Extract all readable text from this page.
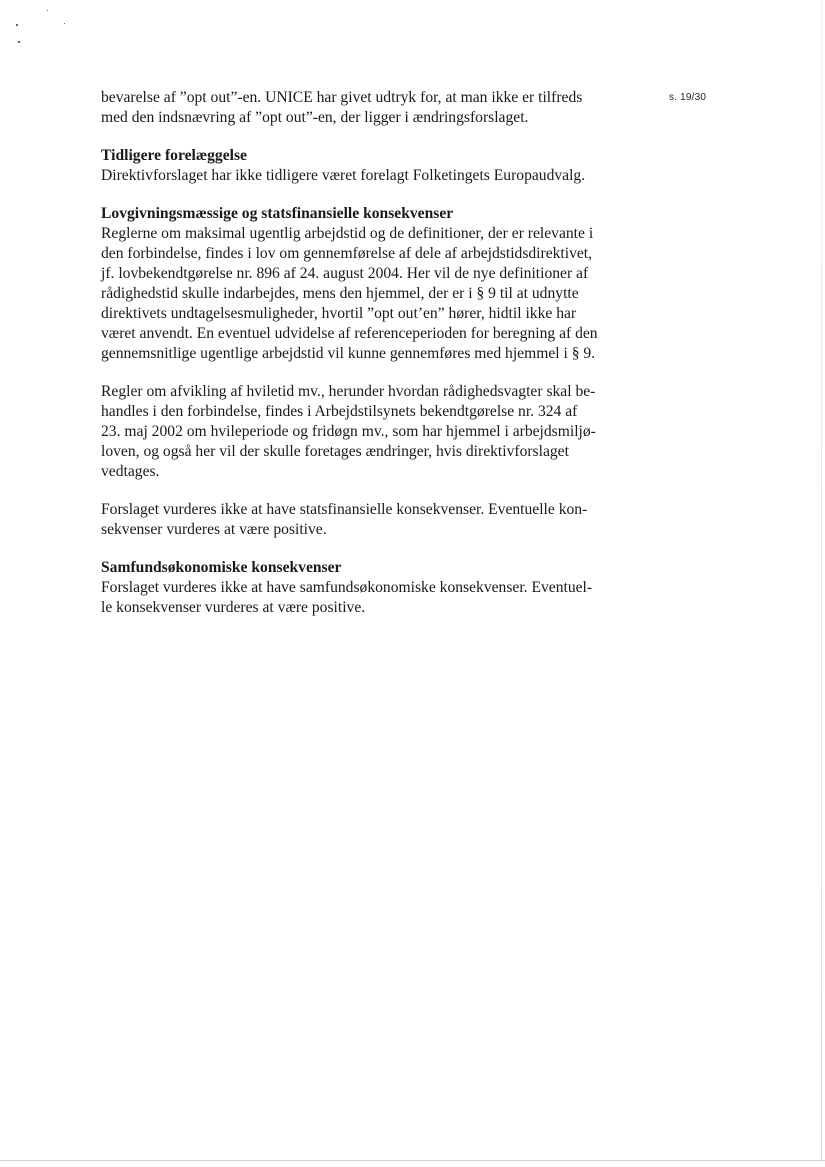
s. 19/30

bevarelse af ”opt out”-en. UNICE har givet udtryk for, at man ikke er tilfreds
med den indsnævring af ”opt out”-en, der ligger i ændringsforslaget.

Tidligere forelæggelse
Direktivforslaget har ikke tidligere været forelagt Folketingets Europaudvalg.

Lovgivningsmæssige og statsfinansielle konsekvenser
Reglerne om maksimal ugentlig arbejdstid og de definitioner, der er relevante i
den forbindelse, findes i lov om gennemførelse af dele af arbejdstidsdirektivet,
jf. lovbekendtgørelse nr. 896 af 24. august 2004. Her vil de nye definitioner af
rådighedstid skulle indarbejdes, mens den hjemmel, der er i § 9 til at udnytte
direktivets undtagelsesmuligheder, hvortil ”opt out’en” hører, hidtil ikke har
været anvendt. En eventuel udvidelse af referenceperioden for beregning af den
gennemsnitlige ugentlige arbejdstid vil kunne gennemføres med hjemmel i § 9.

Regler om afvikling af hviletid mv., herunder hvordan rådighedsvagter skal be-
handles i den forbindelse, findes i Arbejdstilsynets bekendtgørelse nr. 324 af
23. maj 2002 om hvileperiode og fridøgn mv., som har hjemmel i arbejdsmiljø-
loven, og også her vil der skulle foretages ændringer, hvis direktivforslaget
vedtages.

Forslaget vurderes ikke at have statsfinansielle konsekvenser. Eventuelle kon-
sekvenser vurderes at være positive.

Samfundsøkonomiske konsekvenser
Forslaget vurderes ikke at have samfundsøkonomiske konsekvenser. Eventuel-
le konsekvenser vurderes at være positive.
